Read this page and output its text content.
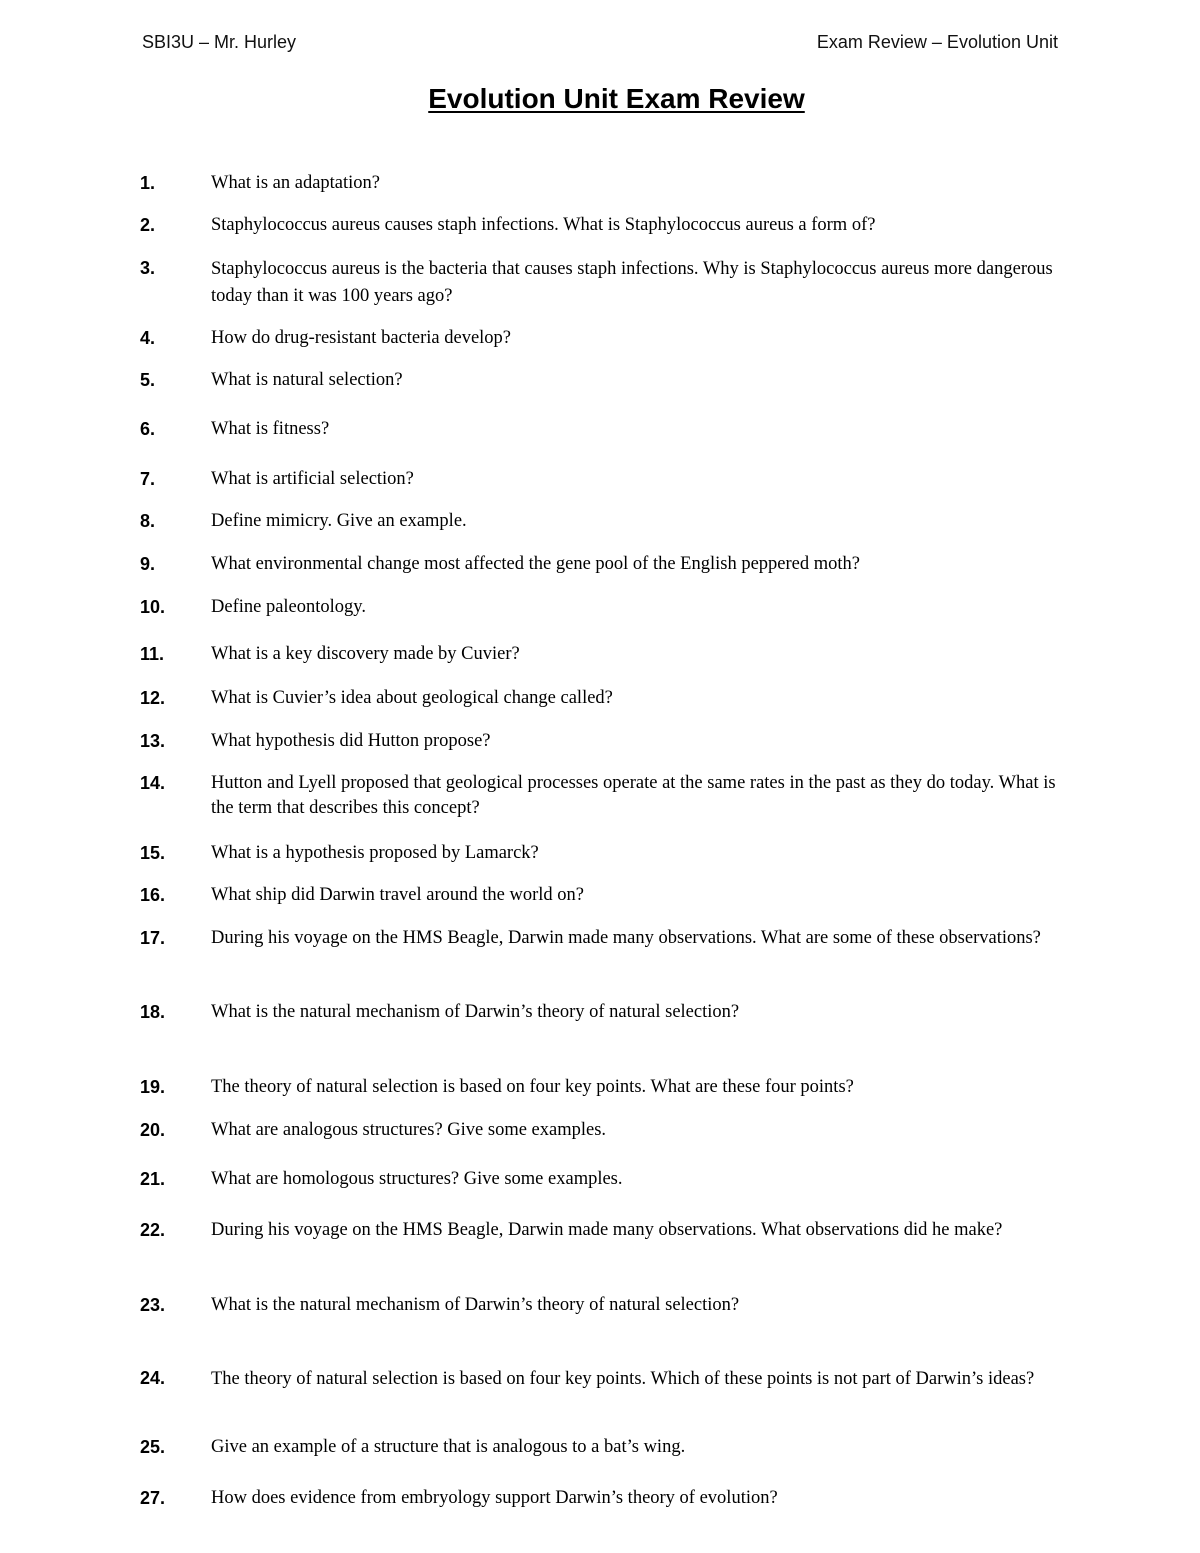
SBI3U – Mr. Hurley	Exam Review – Evolution Unit
Evolution Unit Exam Review
1.	What is an adaptation?
2.	Staphylococcus aureus causes staph infections. What is Staphylococcus aureus a form of?
3.	Staphylococcus aureus is the bacteria that causes staph infections. Why is Staphylococcus aureus more dangerous today than it was 100 years ago?
4.	How do drug-resistant bacteria develop?
5.	What is natural selection?
6.	What is fitness?
7.	What is artificial selection?
8.	Define mimicry. Give an example.
9.	What environmental change most affected the gene pool of the English peppered moth?
10. Define paleontology.
11.	What is a key discovery made by Cuvier?
12. What is Cuvier’s idea about geological change called?
13. What hypothesis did Hutton propose?
14. Hutton and Lyell proposed that geological processes operate at the same rates in the past as they do today. What is the term that describes this concept?
15. What is a hypothesis proposed by Lamarck?
16. What ship did Darwin travel around the world on?
17. During his voyage on the HMS Beagle, Darwin made many observations. What are some of these observations?
18. What is the natural mechanism of Darwin’s theory of natural selection?
19. The theory of natural selection is based on four key points. What are these four points?
20. What are analogous structures? Give some examples.
21. What are homologous structures? Give some examples.
22. During his voyage on the HMS Beagle, Darwin made many observations. What observations did he make?
23. What is the natural mechanism of Darwin’s theory of natural selection?
24. The theory of natural selection is based on four key points. Which of these points is not part of Darwin’s ideas?
25. Give an example of a structure that is analogous to a bat’s wing.
27. How does evidence from embryology support Darwin’s theory of evolution?
